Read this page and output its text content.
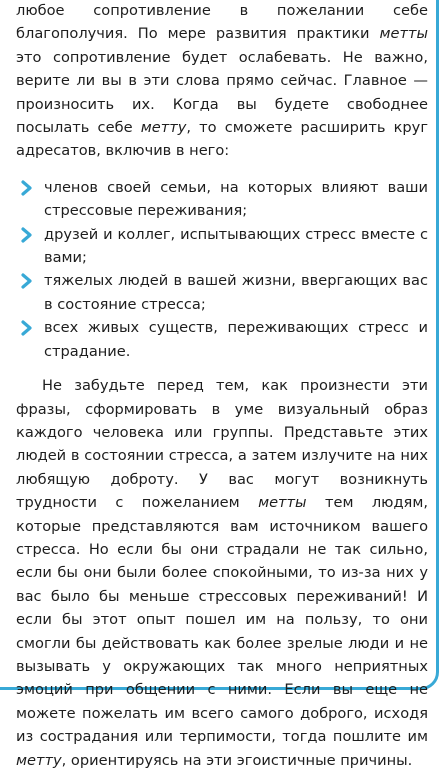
любое сопротивление в пожелании себе благополучия. По мере развития практики метты это сопротивление будет ослабевать. Не важно, верите ли вы в эти слова прямо сейчас. Главное — произносить их. Когда вы будете свободнее посылать себе метту, то сможете расширить круг адресатов, включив в него:

членов своей семьи, на которых влияют ваши стрессовые переживания;
друзей и коллег, испытывающих стресс вместе с вами;
тяжелых людей в вашей жизни, ввергающих вас в состояние стресса;
всех живых существ, переживающих стресс и страдание.

Не забудьте перед тем, как произнести эти фразы, сформировать в уме визуальный образ каждого человека или группы. Представьте этих людей в состоянии стресса, а затем излучите на них любящую доброту. У вас могут возникнуть трудности с пожеланием метты тем людям, которые представляются вам источником вашего стресса. Но если бы они страдали не так сильно, если бы они были более спокойными, то из-за них у вас было бы меньше стрессовых переживаний! И если бы этот опыт пошел им на пользу, то они смогли бы действовать как более зрелые люди и не вызывать у окружающих так много неприятных эмоций при общении с ними. Если вы еще не можете пожелать им всего самого доброго, исходя из сострадания или терпимости, тогда пошлите им метту, ориентируясь на эти эгоистичные причины.
